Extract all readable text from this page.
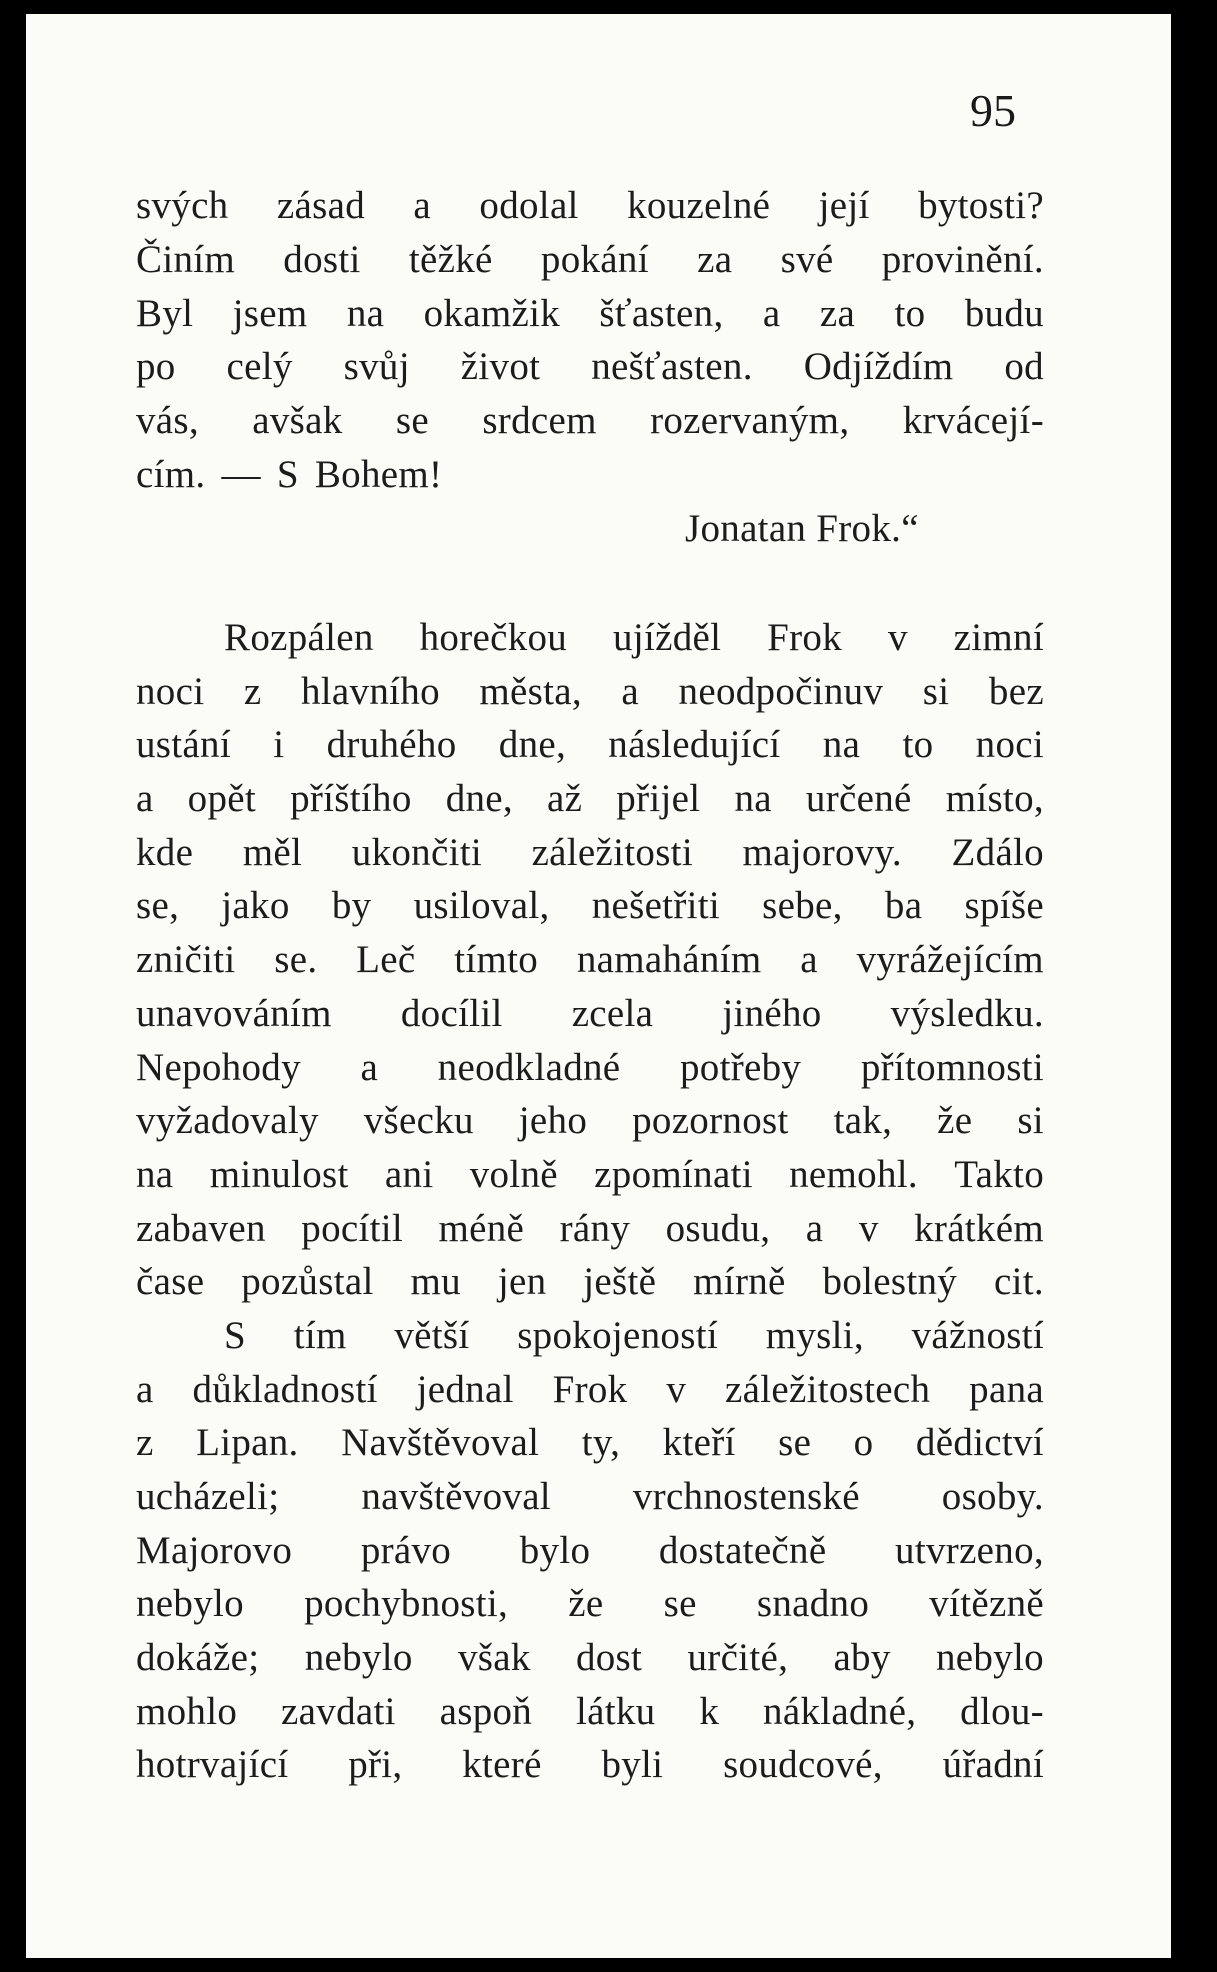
95

svých zásad a odolal kouzelné její bytosti?
Činím dosti těžké pokání za své provinění.
Byl jsem na okamžik šťasten, a za to budu
po celý svůj život nešťasten. Odjíždím od
vás, avšak se srdcem rozervaným, krvácejí-
cím. — S Bohem!
Jonatan Frok.“
Rozpálen horečkou ujížděl Frok v zimní
noci z hlavního města, a neodpočinuv si bez
ustání i druhého dne, následující na to noci
a opět příštího dne, až přijel na určené místo,
kde měl ukončiti záležitosti majorovy. Zdálo
se, jako by usiloval, nešetřiti sebe, ba spíše
zničiti se. Leč tímto namaháním a vyrážejícím
unavováním docílil zcela jiného výsledku.
Nepohody a neodkladné potřeby přítomnosti
vyžadovaly všecku jeho pozornost tak, že si
na minulost ani volně zpomínati nemohl. Takto
zabaven pocítil méně rány osudu, a v krátkém
čase pozůstal mu jen ještě mírně bolestný cit.
S tím větší spokojeností mysli, vážností
a důkladností jednal Frok v záležitostech pana
z Lipan. Navštěvoval ty, kteří se o dědictví
ucházeli; navštěvoval vrchnostenské osoby.
Majorovo právo bylo dostatečně utvrzeno,
nebylo pochybnosti, že se snadno vítězně
dokáže; nebylo však dost určité, aby nebylo
mohlo zavdati aspoň látku k nákladné, dlou-
hotrvající při, které byli soudcové, úřadní
